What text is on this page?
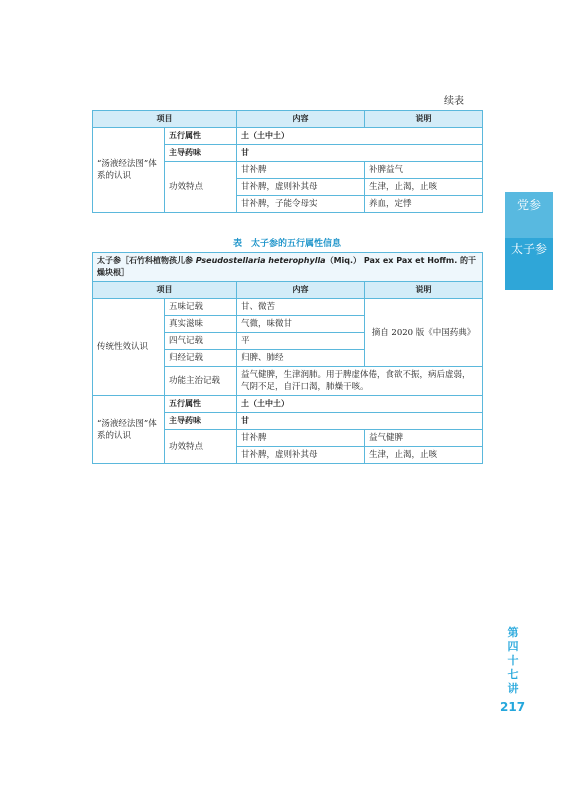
续表
项目		内容	说明
“汤液经法图”体系的认识	五行属性	土（土中土）	
	主导药味	甘	
	功效特点	甘补脾	补脾益气
		甘补脾，虚则补其母	生津，止渴，止咳
		甘补脾，子能令母实	养血，定悸
表　太子参的五行属性信息
太子参［石竹科植物孩儿参 Pseudostellaria heterophylla（Miq.） Pax ex Pax et Hoffm. 的干燥块根］			
项目		内容	说明
传统性效认识	五味记载	甘、微苦	摘自 2020 版《中国药典》
	真实滋味	气微，味微甘	
	四气记载	平	
	归经记载	归脾、肺经	
	功能主治记载	益气健脾，生津润肺。用于脾虚体倦，食欲不振，病后虚弱，气阴不足，自汗口渴，肺燥干咳。	
“汤液经法图”体系的认识	五行属性	土（土中土）	
	主导药味	甘	
	功效特点	甘补脾	益气健脾
		甘补脾，虚则补其母	生津，止渴，止咳
党参
太子参
第四十七讲
217
